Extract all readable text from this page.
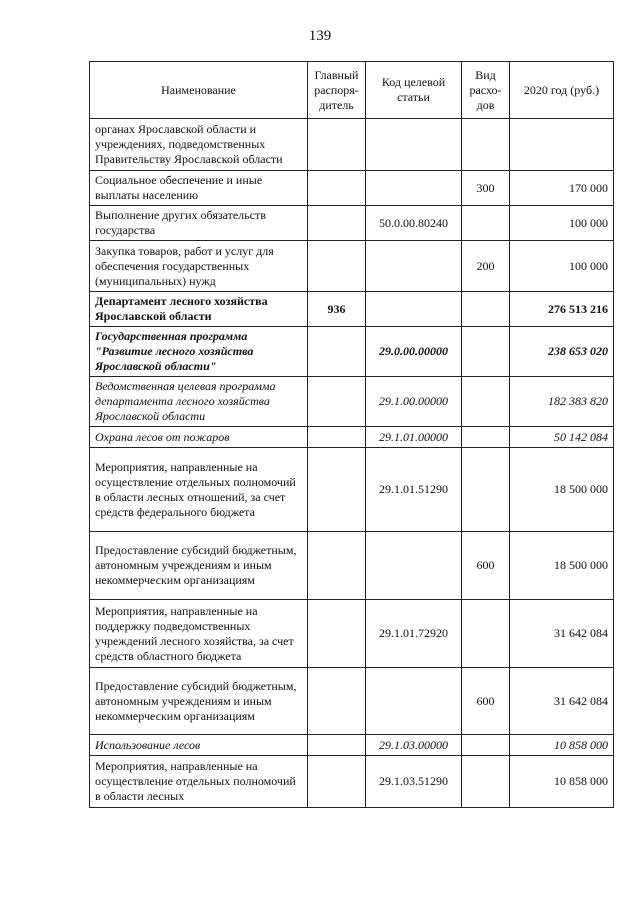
139
Наименование	Главный распоря-дитель	Код целевой статьи	Вид расхо-дов	2020 год (руб.)
органах Ярославской области и учреждениях, подведомственных Правительству Ярославской области				
Социальное обеспечение и иные выплаты населению			300	170 000
Выполнение других обязательств государства		50.0.00.80240		100 000
Закупка товаров, работ и услуг для обеспечения государственных (муниципальных) нужд			200	100 000
Департамент лесного хозяйства Ярославской области	936			276 513 216
Государственная программа "Развитие лесного хозяйства Ярославской области"		29.0.00.00000		238 653 020
Ведомственная целевая программа департамента лесного хозяйства Ярославской области		29.1.00.00000		182 383 820
Охрана лесов от пожаров		29.1.01.00000		50 142 084
Мероприятия, направленные на осуществление отдельных полномочий в области лесных отношений, за счет средств федерального бюджета		29.1.01.51290		18 500 000
Предоставление субсидий бюджетным, автономным учреждениям и иным некоммерческим организациям			600	18 500 000
Мероприятия, направленные на поддержку подведомственных учреждений лесного хозяйства, за счет средств областного бюджета		29.1.01.72920		31 642 084
Предоставление субсидий бюджетным, автономным учреждениям и иным некоммерческим организациям			600	31 642 084
Использование лесов		29.1.03.00000		10 858 000
Мероприятия, направленные на осуществление отдельных полномочий в области лесных		29.1.03.51290		10 858 000
